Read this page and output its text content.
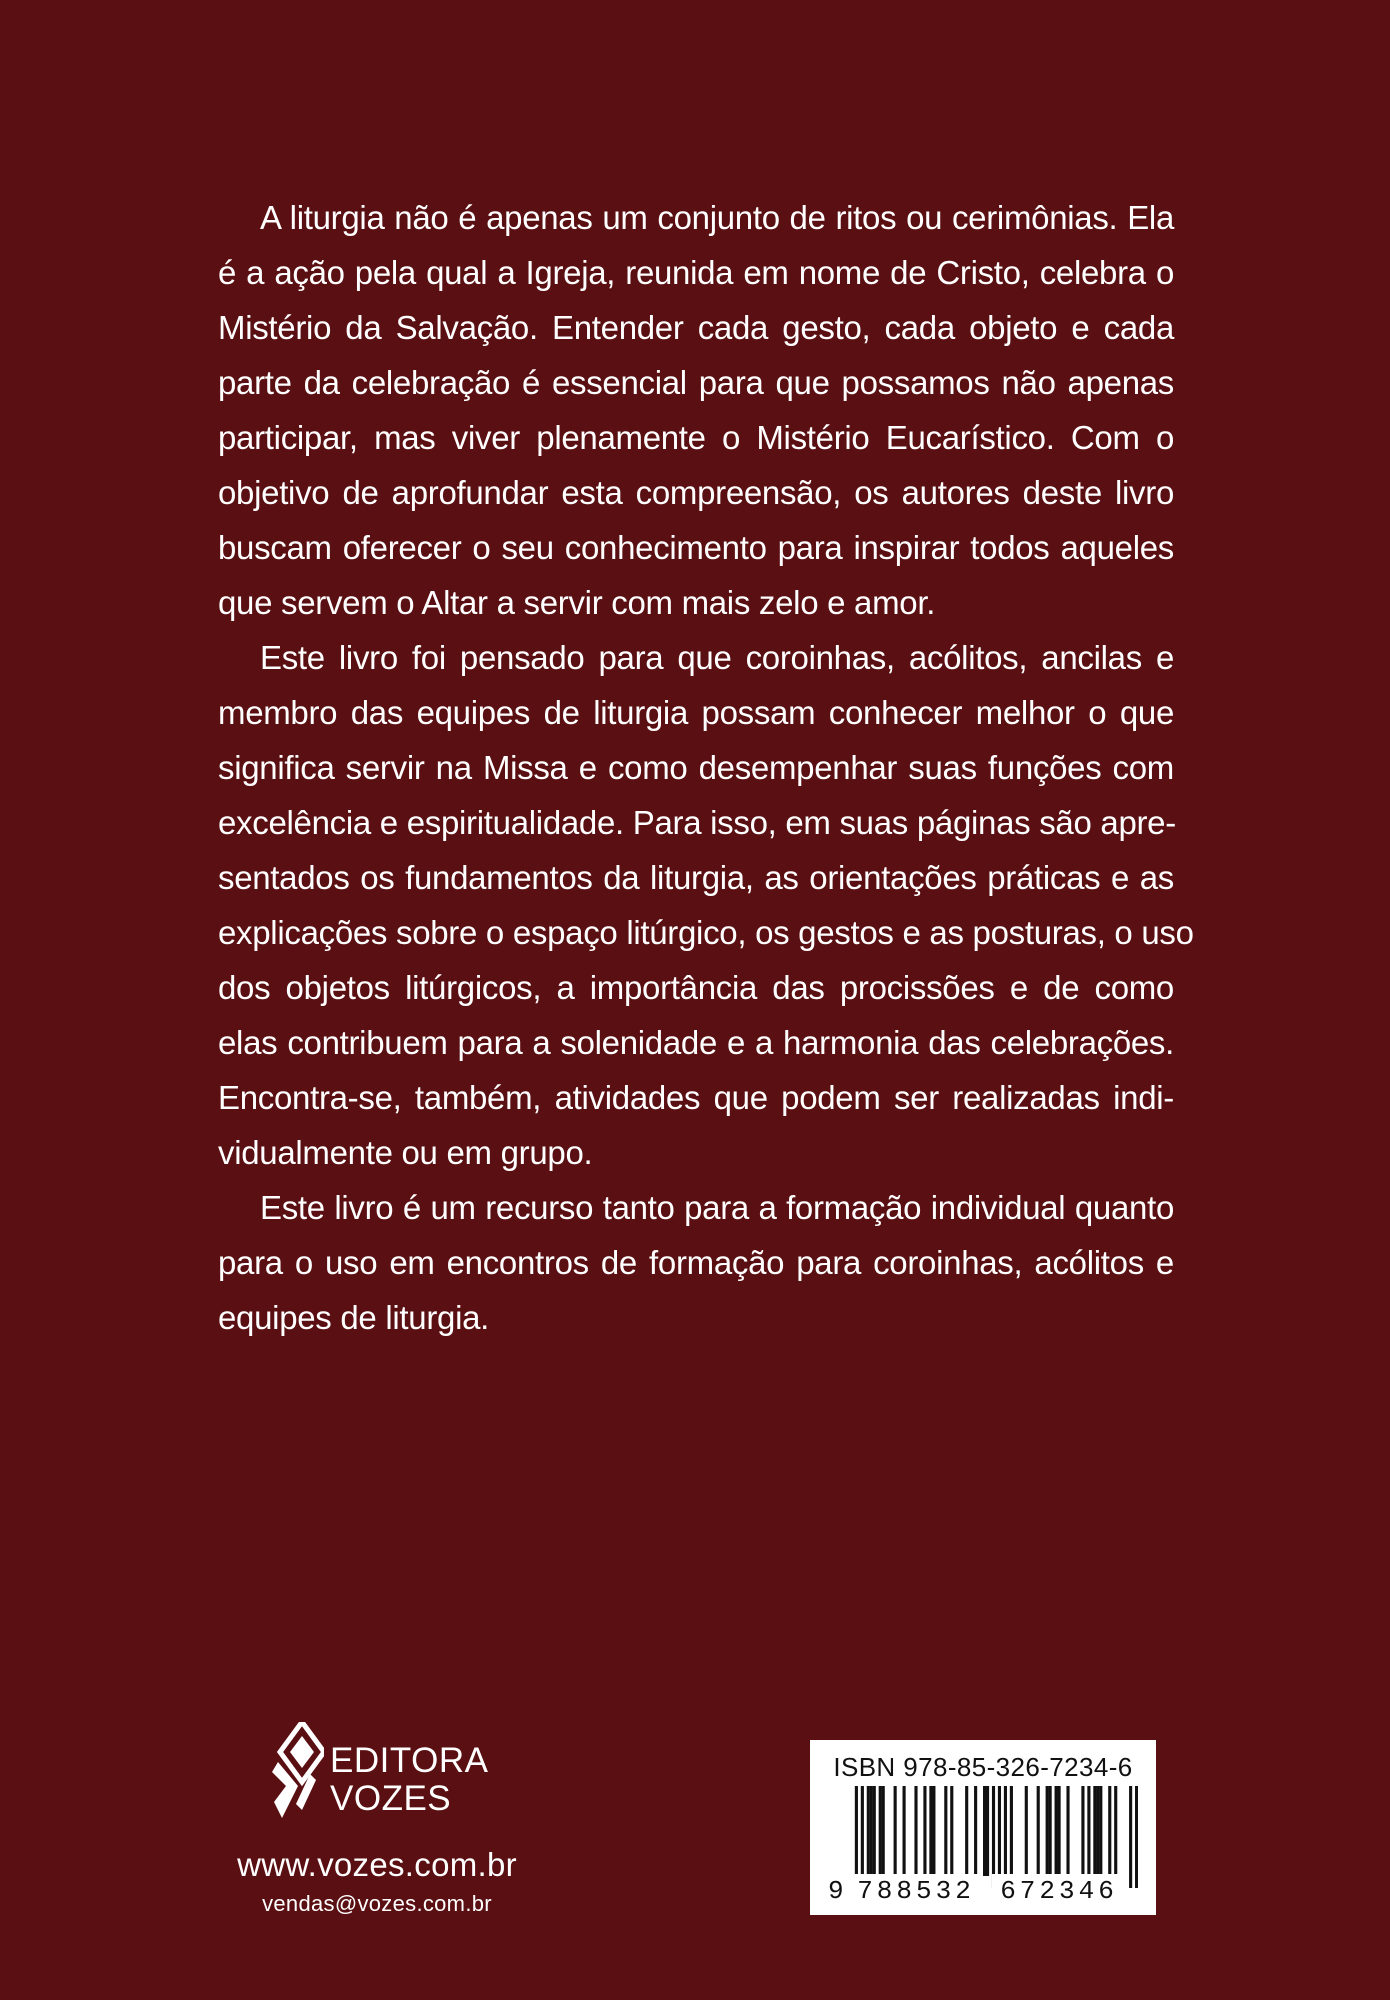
A liturgia não é apenas um conjunto de ritos ou cerimônias. Ela
é a ação pela qual a Igreja, reunida em nome de Cristo, celebra o
Mistério da Salvação. Entender cada gesto, cada objeto e cada
parte da celebração é essencial para que possamos não apenas
participar, mas viver plenamente o Mistério Eucarístico. Com o
objetivo de aprofundar esta compreensão, os autores deste livro
buscam oferecer o seu conhecimento para inspirar todos aqueles
que servem o Altar a servir com mais zelo e amor.
Este livro foi pensado para que coroinhas, acólitos, ancilas e
membro das equipes de liturgia possam conhecer melhor o que
significa servir na Missa e como desempenhar suas funções com
excelência e espiritualidade. Para isso, em suas páginas são apre-
sentados os fundamentos da liturgia, as orientações práticas e as
explicações sobre o espaço litúrgico, os gestos e as posturas, o uso
dos objetos litúrgicos, a importância das procissões e de como
elas contribuem para a solenidade e a harmonia das celebrações.
Encontra-se, também, atividades que podem ser realizadas indi-
vidualmente ou em grupo.
Este livro é um recurso tanto para a formação individual quanto
para o uso em encontros de formação para coroinhas, acólitos e
equipes de liturgia.
EDITORA
VOZES
www.vozes.com.br
vendas@vozes.com.br
ISBN 978-85-326-7234-6
9 788532 672346
